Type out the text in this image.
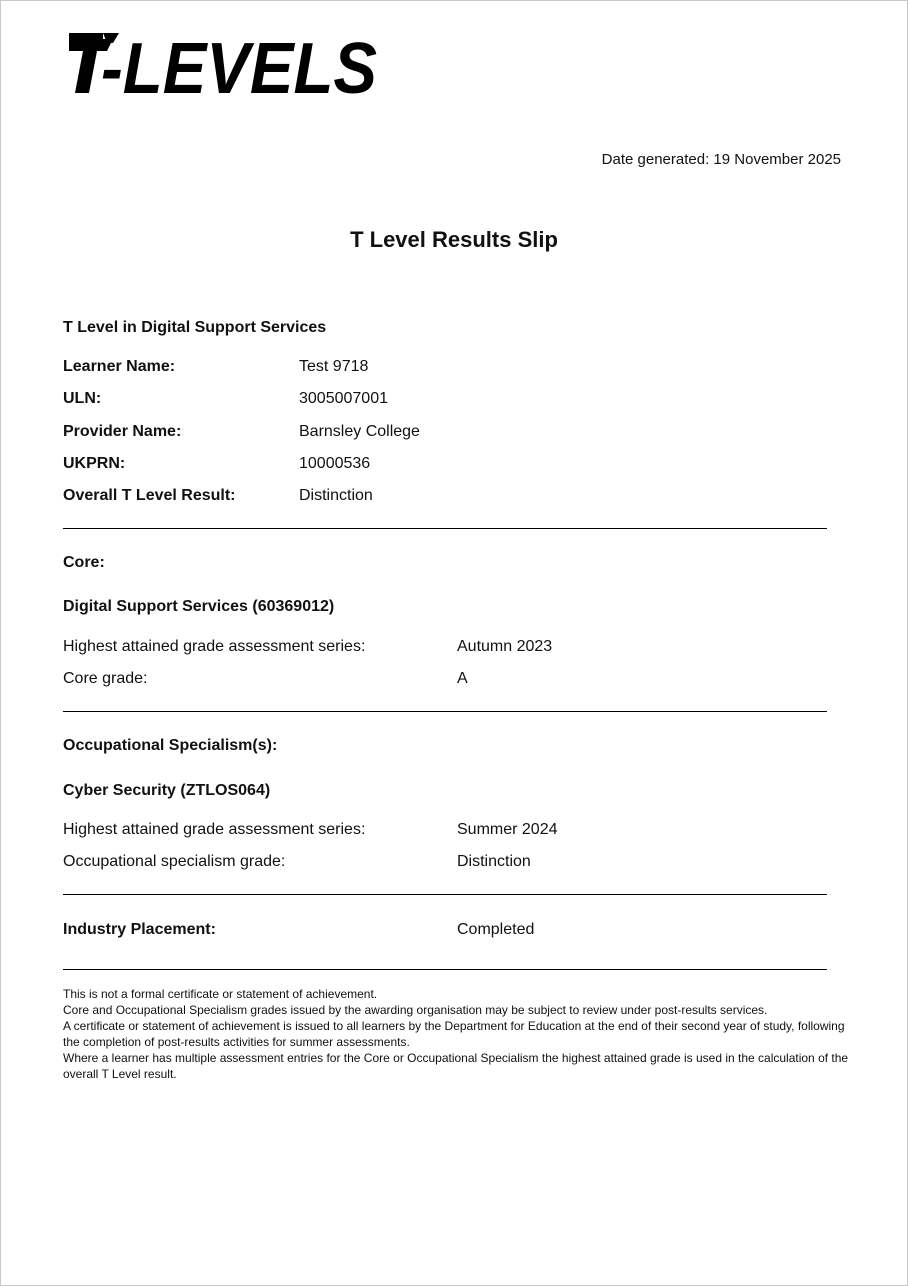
-LEVELS
Date generated: 19 November 2025
T Level Results Slip
T Level in Digital Support Services
Learner Name:	Test 9718
ULN:	3005007001
Provider Name:	Barnsley College
UKPRN:	10000536
Overall T Level Result:	Distinction
Core:
Digital Support Services (60369012)
Highest attained grade assessment series:	Autumn 2023
Core grade:	A
Occupational Specialism(s):
Cyber Security (ZTLOS064)
Highest attained grade assessment series:	Summer 2024
Occupational specialism grade:	Distinction
Industry Placement:	Completed

This is not a formal certificate or statement of achievement.

Core and Occupational Specialism grades issued by the awarding organisation may be subject to review under post-results services.

A certificate or statement of achievement is issued to all learners by the Department for Education at the end of their second year of study, following the completion of post-results activities for summer assessments.

Where a learner has multiple assessment entries for the Core or Occupational Specialism the highest attained grade is used in the calculation of the overall T Level result.
